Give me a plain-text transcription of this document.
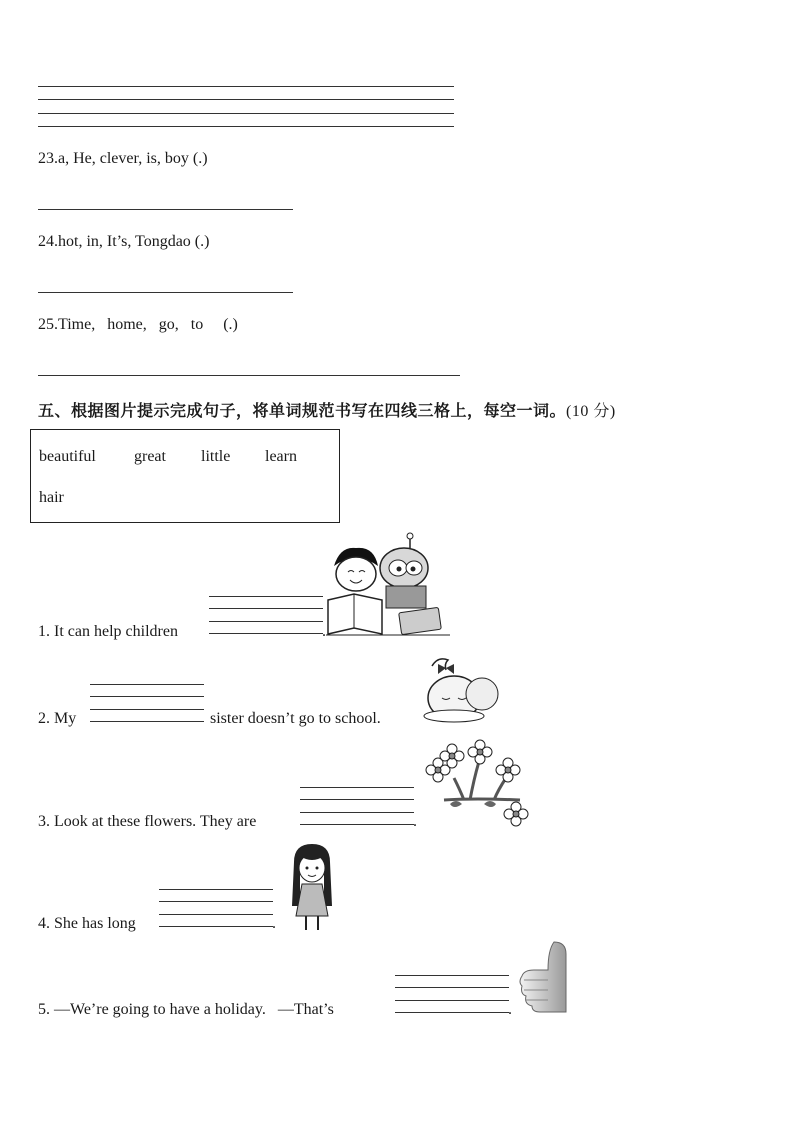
23.a, He, clever, is, boy (.)
24.hot, in, It’s, Tongdao (.)
25.Time,   home,   go,   to     (.)
五、根据图片提示完成句子，将单词规范书写在四线三格上，每空一词。(10 分)
beautiful great little learn
hair
1. It can help children	.
2. My	sister doesn’t go to school.
3. Look at these flowers. They are	.
4. She has long	.
5. —We’re going to have a holiday.   —That’s	.
